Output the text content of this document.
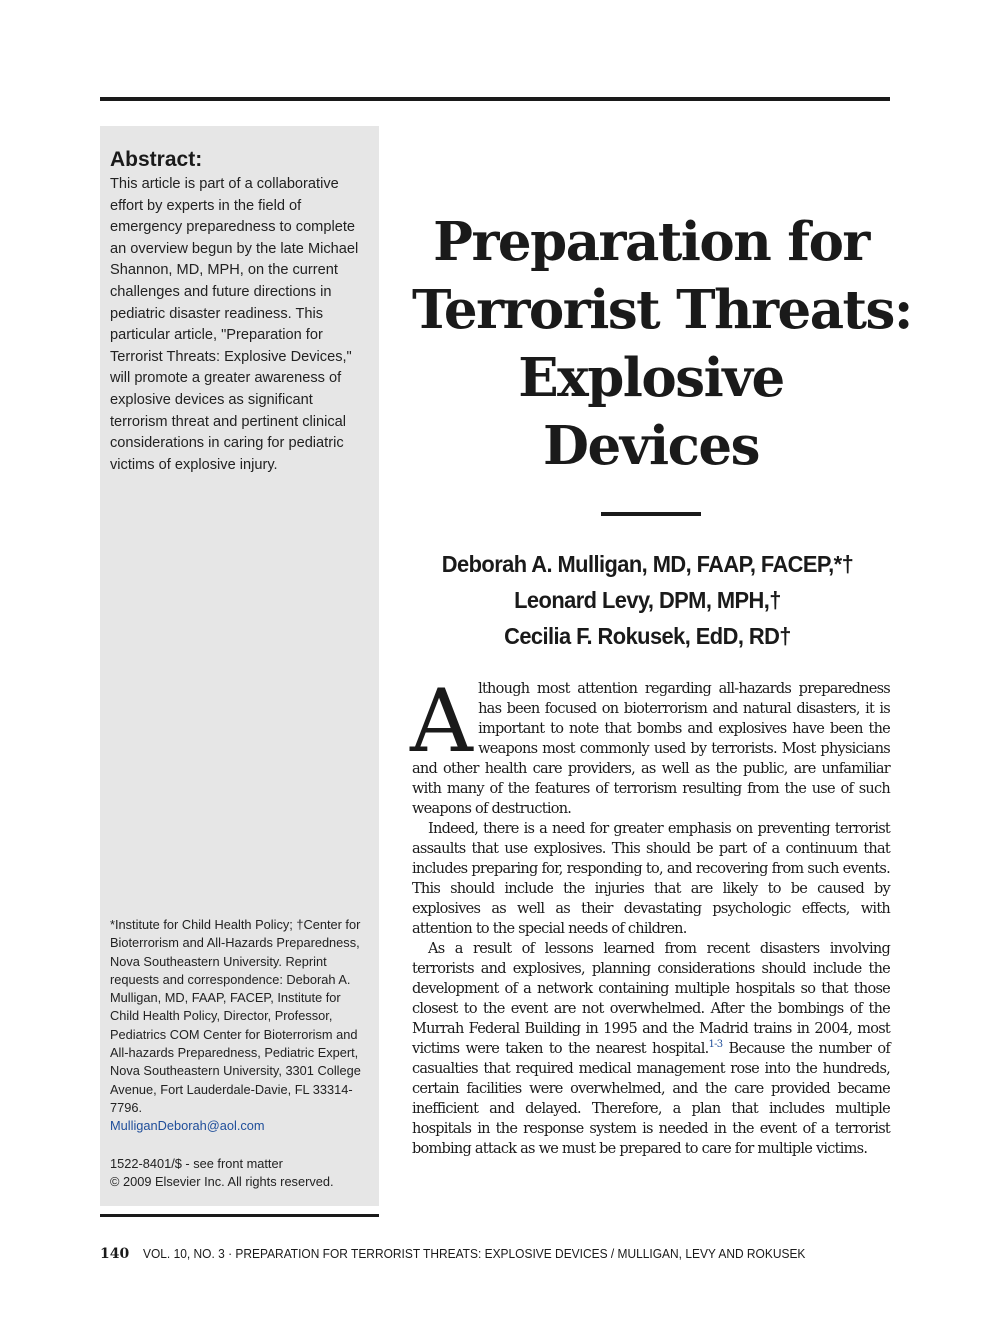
Abstract:

This article is part of a collaborative effort by experts in the field of emergency preparedness to complete an overview begun by the late Michael Shannon, MD, MPH, on the current challenges and future directions in pediatric disaster readiness. This particular article, "Preparation for Terrorist Threats: Explosive Devices," will promote a greater awareness of explosive devices as significant terrorism threat and pertinent clinical considerations in caring for pediatric victims of explosive injury.

*Institute for Child Health Policy; †Center for Bioterrorism and All-Hazards Preparedness, Nova Southeastern University. Reprint requests and correspondence: Deborah A. Mulligan, MD, FAAP, FACEP, Institute for Child Health Policy, Director, Professor, Pediatrics COM Center for Bioterrorism and All-hazards Preparedness, Pediatric Expert, Nova Southeastern University, 3301 College Avenue, Fort Lauderdale-Davie, FL 33314-7796.

MulliganDeborah@aol.com

1522-8401/$ - see front matter

© 2009 Elsevier Inc. All rights reserved.

Preparation for
Terrorist Threats:
Explosive
Devices
Deborah A. Mulligan, MD, FAAP, FACEP,*†
Leonard Levy, DPM, MPH,†
Cecilia F. Rokusek, EdD, RD†

Although most attention regarding all-hazards preparedness has been focused on bioterrorism and natural disasters, it is important to note that bombs and explosives have been the weapons most commonly used by terrorists. Most physicians and other health care providers, as well as the public, are unfamiliar with many of the features of terrorism resulting from the use of such weapons of destruction.

Indeed, there is a need for greater emphasis on preventing terrorist assaults that use explosives. This should be part of a continuum that includes preparing for, responding to, and recovering from such events. This should include the injuries that are likely to be caused by explosives as well as their devastating psychologic effects, with attention to the special needs of children.

As a result of lessons learned from recent disasters involving terrorists and explosives, planning considerations should include the development of a network containing multiple hospitals so that those closest to the event are not overwhelmed. After the bombings of the Murrah Federal Building in 1995 and the Madrid trains in 2004, most victims were taken to the nearest hospital.$^{1-3}$ Because the number of casualties that required medical management rose into the hundreds, certain facilities were overwhelmed, and the care provided became inefficient and delayed. Therefore, a plan that includes multiple hospitals in the response system is needed in the event of a terrorist bombing attack as we must be prepared to care for multiple victims.

140 VOL. 10, NO. 3 · PREPARATION FOR TERRORIST THREATS: EXPLOSIVE DEVICES / MULLIGAN, LEVY AND ROKUSEK
